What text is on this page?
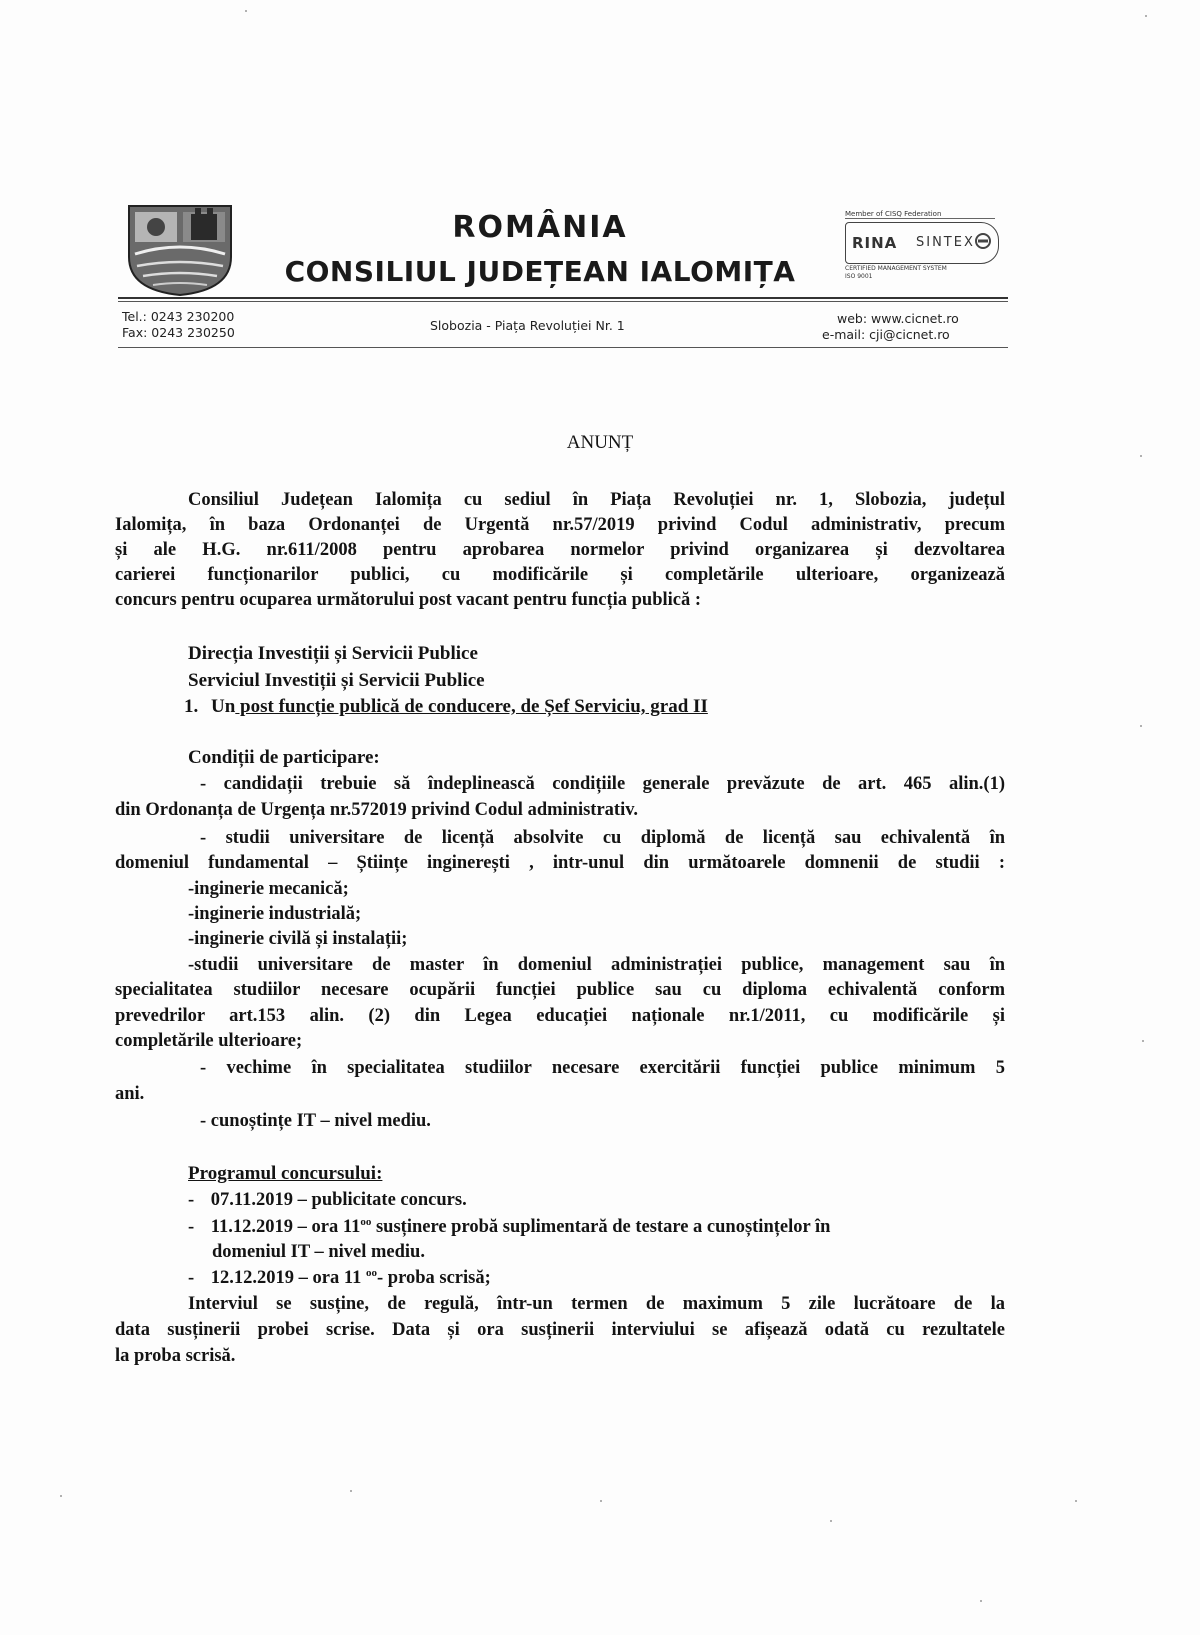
ROMÂNIA
CONSILIUL JUDEȚEAN IALOMIȚA
Member of CISQ Federation
RINA SINTEX
CERTIFIED MANAGEMENT SYSTEM
ISO 9001
Tel.: 0243 230200
Fax: 0243 230250	Slobozia - Piața Revoluției Nr. 1	web: www.cicnet.ro
e-mail: cji@cicnet.ro
ANUNȚ
Consiliul Județean Ialomița cu sediul în Piața Revoluției nr. 1, Slobozia, județul
Ialomița, în baza Ordonanței de Urgentă nr.57/2019 privind Codul administrativ, precum
și ale H.G. nr.611/2008 pentru aprobarea normelor privind organizarea și dezvoltarea
carierei funcționarilor publici, cu modificările și completările ulterioare, organizează
concurs pentru ocuparea următorului post vacant pentru funcția publică :
Direcția Investiții și Servicii Publice
Serviciul Investiții și Servicii Publice
1. Un post funcție publică de conducere, de Șef Serviciu, grad II
Condiții de participare:
- candidații trebuie să îndeplinească condițiile generale prevăzute de art. 465 alin.(1)
din Ordonanța de Urgența nr.572019 privind Codul administrativ.
- studii universitare de licență absolvite cu diplomă de licență sau echivalentă în
domeniul fundamental – Științe inginerești , intr-unul din următoarele domnenii de studii :
-inginerie mecanică;
-inginerie industrială;
-inginerie civilă și instalații;
-studii universitare de master în domeniul administrației publice, management sau în
specialitatea studiilor necesare ocupării funcției publice sau cu diploma echivalentă conform
prevedrilor art.153 alin. (2) din Legea educației naționale nr.1/2011, cu modificările și
completările ulterioare;
- vechime în specialitatea studiilor necesare exercitării funcției publice minimum 5
ani.
- cunoștințe IT – nivel mediu.
Programul concursului:
- 07.11.2019 – publicitate concurs.
- 11.12.2019 – ora $11^{oo}$ susținere probă suplimentară de testare a cunoștințelor în
domeniul IT – nivel mediu.
- 12.12.2019 – ora 11 $^{oo}$- proba scrisă;
Interviul se susține, de regulă, într-un termen de maximum 5 zile lucrătoare de la
data susținerii probei scrise. Data și ora susținerii interviului se afișează odată cu rezultatele
la proba scrisă.
